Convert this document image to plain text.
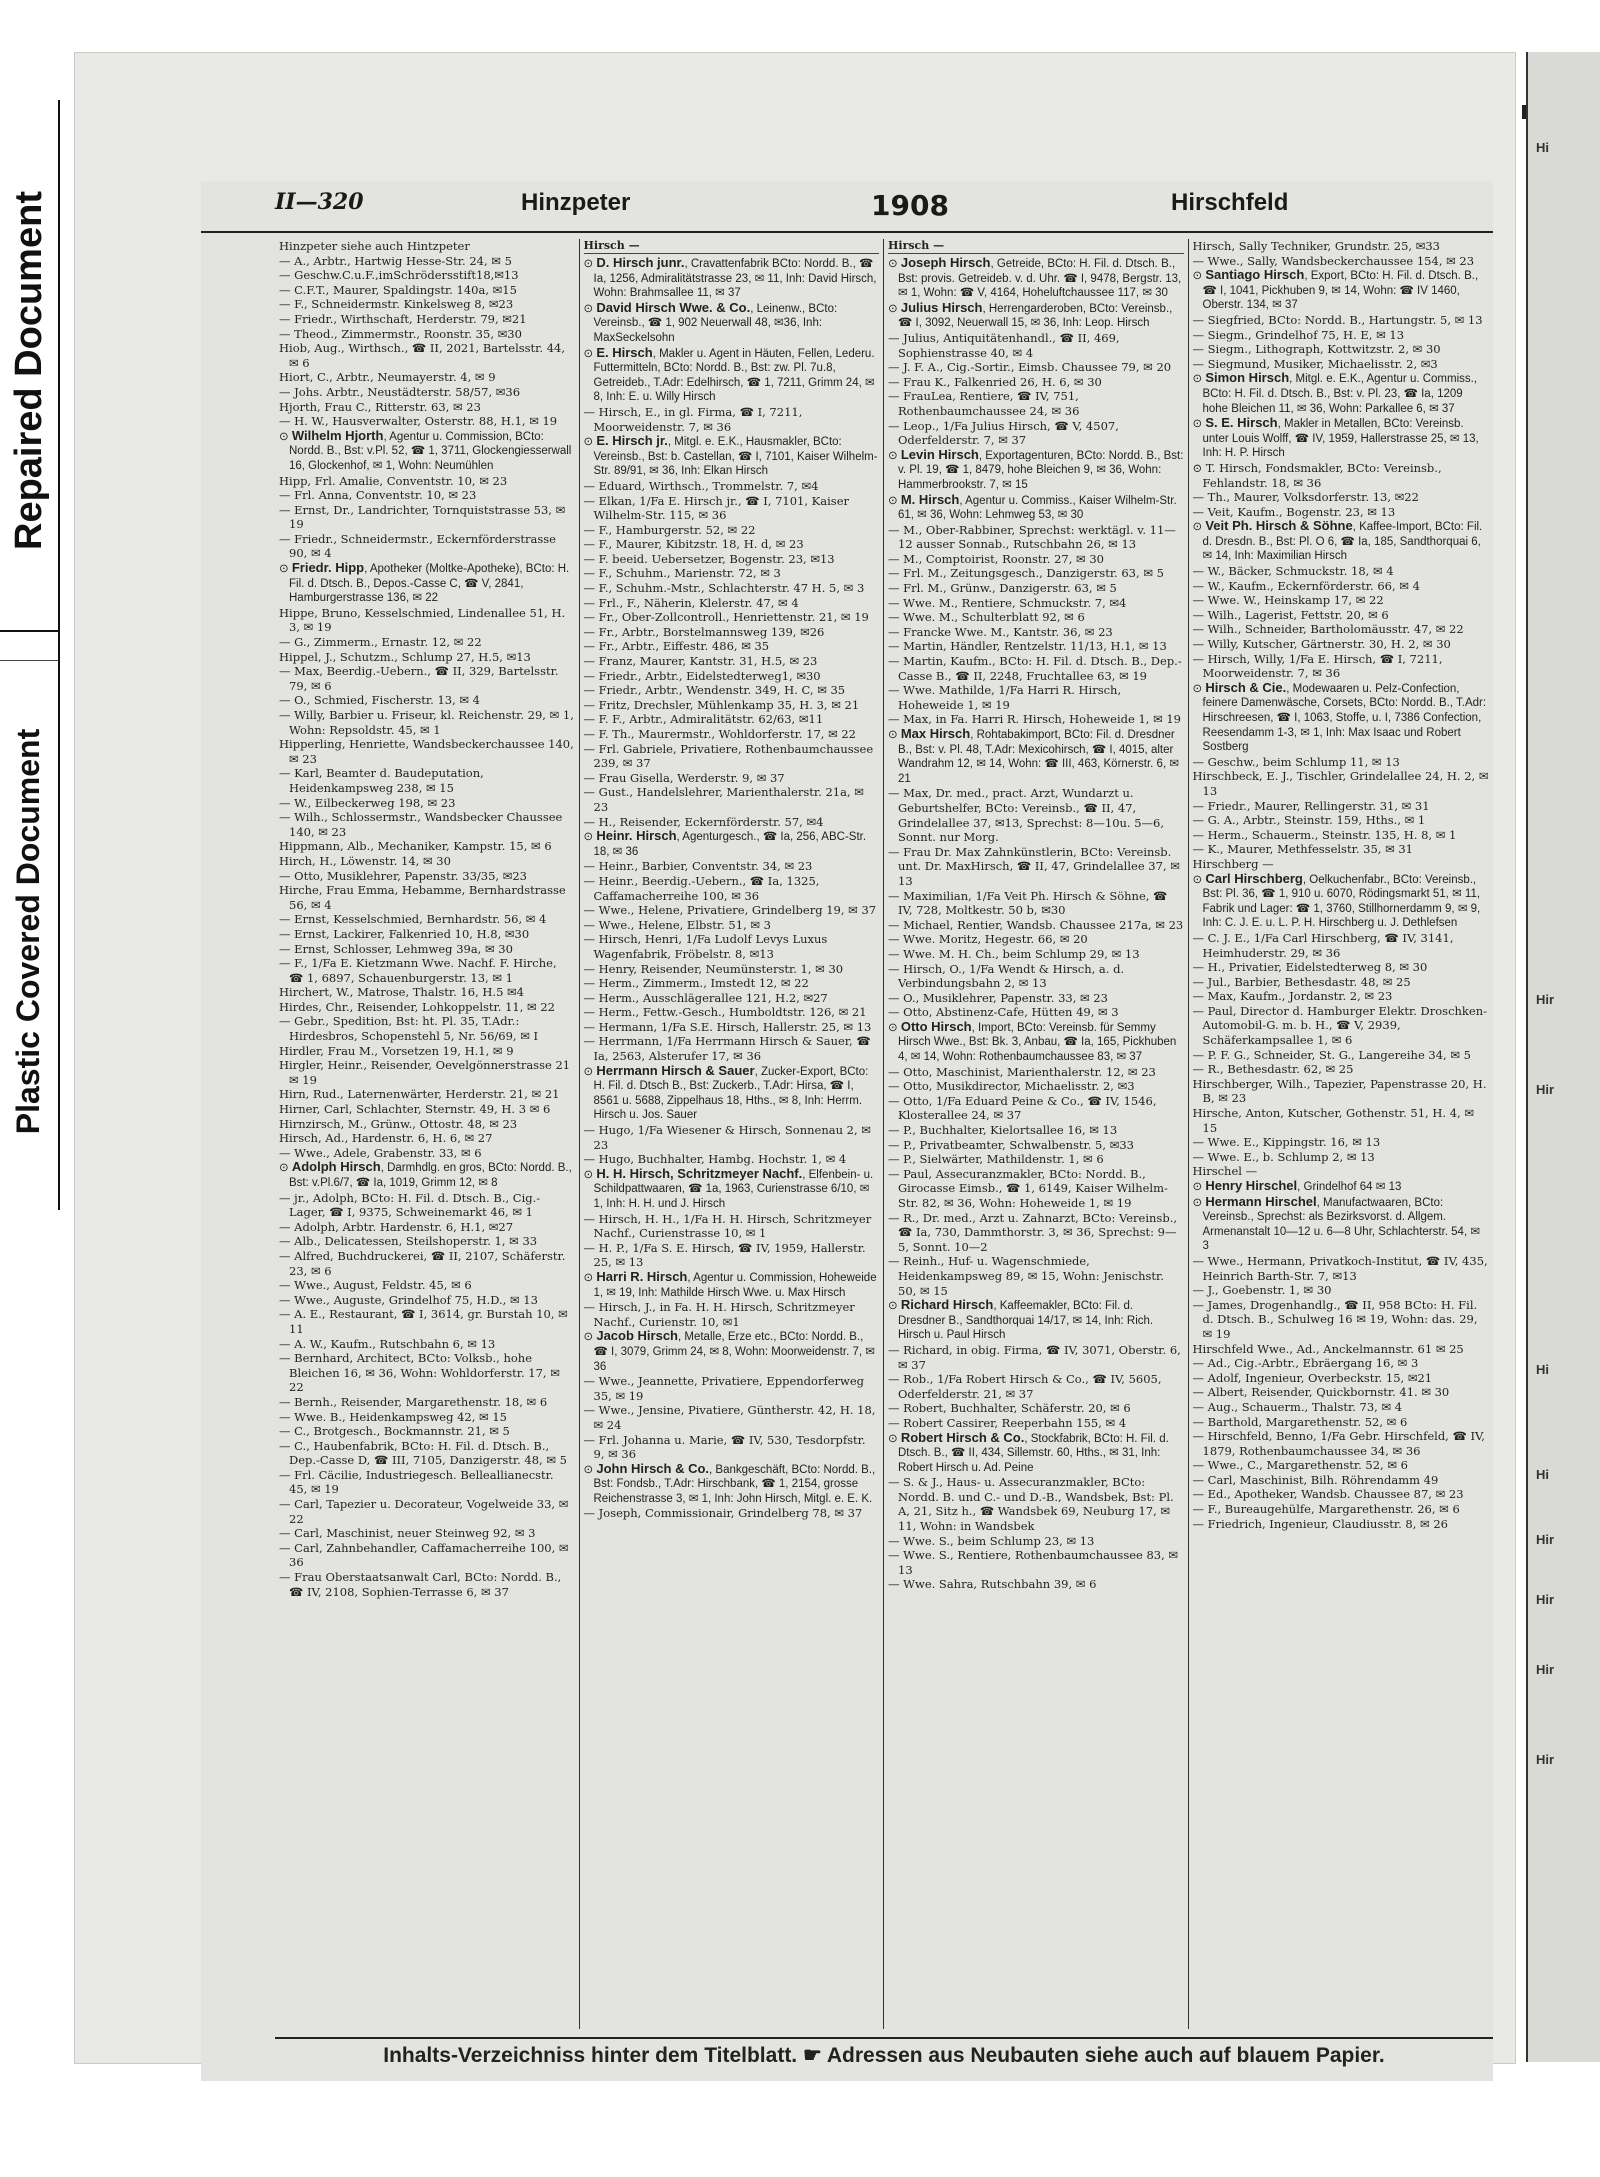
Repaired Document
Plastic Covered Document
II—320	Hinzpeter	1908	Hirschfeld

Hinzpeter siehe auch Hintzpeter

— A., Arbtr., Hartwig Hesse-Str. 24, ✉ 5

— Geschw.C.u.F.,imSchrödersstift18,✉13

— C.F.T., Maurer, Spaldingstr. 140a, ✉15

— F., Schneidermstr. Kinkelsweg 8, ✉23

— Friedr., Wirthschaft, Herderstr. 79, ✉21

— Theod., Zimmermstr., Roonstr. 35, ✉30

Hiob, Aug., Wirthsch., ☎ II, 2021, Bartelsstr. 44, ✉ 6

Hiort, C., Arbtr., Neumayerstr. 4, ✉ 9

— Johs. Arbtr., Neustädterstr. 58/57, ✉36

Hjorth, Frau C., Ritterstr. 63, ✉ 23

— H. W., Hausverwalter, Osterstr. 88, H.1, ✉ 19

⊙ Wilhelm Hjorth, Agentur u. Commission, BCto: Nordd. B., Bst: v.Pl. 52, ☎ 1, 3711, Glockengiesserwall 16, Glockenhof, ✉ 1, Wohn: Neumühlen

Hipp, Frl. Amalie, Conventstr. 10, ✉ 23

— Frl. Anna, Conventstr. 10, ✉ 23

— Ernst, Dr., Landrichter, Tornquiststrasse 53, ✉ 19

— Friedr., Schneidermstr., Eckernförderstrasse 90, ✉ 4

⊙ Friedr. Hipp, Apotheker (Moltke-Apotheke), BCto: H. Fil. d. Dtsch. B., Depos.-Casse C, ☎ V, 2841, Hamburgerstrasse 136, ✉ 22

Hippe, Bruno, Kesselschmied, Lindenallee 51, H. 3, ✉ 19

— G., Zimmerm., Ernastr. 12, ✉ 22

Hippel, J., Schutzm., Schlump 27, H.5, ✉13

— Max, Beerdig.-Uebern., ☎ II, 329, Bartelsstr. 79, ✉ 6

— O., Schmied, Fischerstr. 13, ✉ 4

— Willy, Barbier u. Friseur, kl. Reichenstr. 29, ✉ 1, Wohn: Repsoldstr. 45, ✉ 1

Hipperling, Henriette, Wandsbeckerchaussee 140, ✉ 23

— Karl, Beamter d. Baudeputation, Heidenkampsweg 238, ✉ 15

— W., Eilbeckerweg 198, ✉ 23

— Wilh., Schlossermstr., Wandsbecker Chaussee 140, ✉ 23

Hippmann, Alb., Mechaniker, Kampstr. 15, ✉ 6

Hirch, H., Löwenstr. 14, ✉ 30

— Otto, Musiklehrer, Papenstr. 33/35, ✉23

Hirche, Frau Emma, Hebamme, Bernhardstrasse 56, ✉ 4

— Ernst, Kesselschmied, Bernhardstr. 56, ✉ 4

— Ernst, Lackirer, Falkenried 10, H.8, ✉30

— Ernst, Schlosser, Lehmweg 39a, ✉ 30

— F., 1/Fa E. Kietzmann Wwe. Nachf. F. Hirche, ☎ 1, 6897, Schauenburgerstr. 13, ✉ 1

Hirchert, W., Matrose, Thalstr. 16, H.5 ✉4

Hirdes, Chr., Reisender, Lohkoppelstr. 11, ✉ 22

— Gebr., Spedition, Bst: ht. Pl. 35, T.Adr.: Hirdesbros, Schopenstehl 5, Nr. 56/69, ✉ I

Hirdler, Frau M., Vorsetzen 19, H.1, ✉ 9

Hirgler, Heinr., Reisender, Oevelgönnerstrasse 21 ✉ 19

Hirn, Rud., Laternenwärter, Herderstr. 21, ✉ 21

Hirner, Carl, Schlachter, Sternstr. 49, H. 3 ✉ 6

Hirnzirsch, M., Grünw., Ottostr. 48, ✉ 23

Hirsch, Ad., Hardenstr. 6, H. 6, ✉ 27

— Wwe., Adele, Grabenstr. 33, ✉ 6

⊙ Adolph Hirsch, Darmhdlg. en gros, BCto: Nordd. B., Bst: v.Pl.6/7, ☎ Ia, 1019, Grimm 12, ✉ 8

— jr., Adolph, BCto: H. Fil. d. Dtsch. B., Cig.-Lager, ☎ I, 9375, Schweinemarkt 46, ✉ 1

— Adolph, Arbtr. Hardenstr. 6, H.1, ✉27

— Alb., Delicatessen, Steilshoperstr. 1, ✉ 33

— Alfred, Buchdruckerei, ☎ II, 2107, Schäferstr. 23, ✉ 6

— Wwe., August, Feldstr. 45, ✉ 6

— Wwe., Auguste, Grindelhof 75, H.D., ✉ 13

— A. E., Restaurant, ☎ I, 3614, gr. Burstah 10, ✉ 11

— A. W., Kaufm., Rutschbahn 6, ✉ 13

— Bernhard, Architect, BCto: Volksb., hohe Bleichen 16, ✉ 36, Wohn: Wohldorferstr. 17, ✉ 22

— Bernh., Reisender, Margarethenstr. 18, ✉ 6

— Wwe. B., Heidenkampsweg 42, ✉ 15

— C., Brotgesch., Bockmannstr. 21, ✉ 5

— C., Haubenfabrik, BCto: H. Fil. d. Dtsch. B., Dep.-Casse D, ☎ III, 7105, Danzigerstr. 48, ✉ 5

— Frl. Cäcilie, Industriegesch. Belleallianecstr. 45, ✉ 19

— Carl, Tapezier u. Decorateur, Vogelweide 33, ✉ 22

— Carl, Maschinist, neuer Steinweg 92, ✉ 3

— Carl, Zahnbehandler, Caffamacherreihe 100, ✉ 36

— Frau Oberstaatsanwalt Carl, BCto: Nordd. B., ☎ IV, 2108, Sophien-Terrasse 6, ✉ 37

Hirsch —

⊙ D. Hirsch junr., Cravattenfabrik BCto: Nordd. B., ☎ Ia, 1256, Admiralitätstrasse 23, ✉ 11, Inh: David Hirsch, Wohn: Brahmsallee 11, ✉ 37

⊙ David Hirsch Wwe. & Co., Leinenw., BCto: Vereinsb., ☎ 1, 902 Neuerwall 48, ✉36, Inh: MaxSeckelsohn

⊙ E. Hirsch, Makler u. Agent in Häuten, Fellen, Lederu. Futtermitteln, BCto: Nordd. B., Bst: zw. Pl. 7u.8, Getreideb., T.Adr: Edelhirsch, ☎ 1, 7211, Grimm 24, ✉ 8, Inh: E. u. Willy Hirsch

— Hirsch, E., in gl. Firma, ☎ I, 7211, Moorweidenstr. 7, ✉ 36

⊙ E. Hirsch jr., Mitgl. e. E.K., Hausmakler, BCto: Vereinsb., Bst: b. Castellan, ☎ I, 7101, Kaiser Wilhelm-Str. 89/91, ✉ 36, Inh: Elkan Hirsch

— Eduard, Wirthsch., Trommelstr. 7, ✉4

— Elkan, 1/Fa E. Hirsch jr., ☎ I, 7101, Kaiser Wilhelm-Str. 115, ✉ 36

— F., Hamburgerstr. 52, ✉ 22

— F., Maurer, Kibitzstr. 18, H. d, ✉ 23

— F. beeid. Uebersetzer, Bogenstr. 23, ✉13

— F., Schuhm., Marienstr. 72, ✉ 3

— F., Schuhm.-Mstr., Schlachterstr. 47 H. 5, ✉ 3

— Frl., F., Näherin, Klelerstr. 47, ✉ 4

— Fr., Ober-Zollcontroll., Henriettenstr. 21, ✉ 19

— Fr., Arbtr., Borstelmannsweg 139, ✉26

— Fr., Arbtr., Eiffestr. 486, ✉ 35

— Franz, Maurer, Kantstr. 31, H.5, ✉ 23

— Friedr., Arbtr., Eidelstedterweg1, ✉30

— Friedr., Arbtr., Wendenstr. 349, H. C, ✉ 35

— Fritz, Drechsler, Mühlenkamp 35, H. 3, ✉ 21

— F. F., Arbtr., Admiralitätstr. 62/63, ✉11

— F. Th., Maurermstr., Wohldorferstr. 17, ✉ 22

— Frl. Gabriele, Privatiere, Rothenbaumchaussee 239, ✉ 37

— Frau Gisella, Werderstr. 9, ✉ 37

— Gust., Handelslehrer, Marienthalerstr. 21a, ✉ 23

— H., Reisender, Eckernförderstr. 57, ✉4

⊙ Heinr. Hirsch, Agenturgesch., ☎ Ia, 256, ABC-Str. 18, ✉ 36

— Heinr., Barbier, Conventstr. 34, ✉ 23

— Heinr., Beerdig.-Uebern., ☎ Ia, 1325, Caffamacherreihe 100, ✉ 36

— Wwe., Helene, Privatiere, Grindelberg 19, ✉ 37

— Wwe., Helene, Elbstr. 51, ✉ 3

— Hirsch, Henri, 1/Fa Ludolf Levys Luxus Wagenfabrik, Fröbelstr. 8, ✉13

— Henry, Reisender, Neumünsterstr. 1, ✉ 30

— Herm., Zimmerm., Imstedt 12, ✉ 22

— Herm., Ausschlägerallee 121, H.2, ✉27

— Herm., Fettw.-Gesch., Humboldtstr. 126, ✉ 21

— Hermann, 1/Fa S.E. Hirsch, Hallerstr. 25, ✉ 13

— Herrmann, 1/Fa Herrmann Hirsch & Sauer, ☎ Ia, 2563, Alsterufer 17, ✉ 36

⊙ Herrmann Hirsch & Sauer, Zucker-Export, BCto: H. Fil. d. Dtsch B., Bst: Zuckerb., T.Adr: Hirsa, ☎ I, 8561 u. 5688, Zippelhaus 18, Hths., ✉ 8, Inh: Herrm. Hirsch u. Jos. Sauer

— Hugo, 1/Fa Wiesener & Hirsch, Sonnenau 2, ✉ 23

— Hugo, Buchhalter, Hambg. Hochstr. 1, ✉ 4

⊙ H. H. Hirsch, Schritzmeyer Nachf., Elfenbein- u. Schildpattwaaren, ☎ 1a, 1963, Curienstrasse 6/10, ✉ 1, Inh: H. H. und J. Hirsch

— Hirsch, H. H., 1/Fa H. H. Hirsch, Schritzmeyer Nachf., Curienstrasse 10, ✉ 1

— H. P., 1/Fa S. E. Hirsch, ☎ IV, 1959, Hallerstr. 25, ✉ 13

⊙ Harri R. Hirsch, Agentur u. Commission, Hoheweide 1, ✉ 19, Inh: Mathilde Hirsch Wwe. u. Max Hirsch

— Hirsch, J., in Fa. H. H. Hirsch, Schritzmeyer Nachf., Curienstr. 10, ✉1

⊙ Jacob Hirsch, Metalle, Erze etc., BCto: Nordd. B., ☎ I, 3079, Grimm 24, ✉ 8, Wohn: Moorweidenstr. 7, ✉ 36

— Wwe., Jeannette, Privatiere, Eppendorferweg 35, ✉ 19

— Wwe., Jensine, Pivatiere, Güntherstr. 42, H. 18, ✉ 24

— Frl. Johanna u. Marie, ☎ IV, 530, Tesdorpfstr. 9, ✉ 36

⊙ John Hirsch & Co., Bankgeschäft, BCto: Nordd. B., Bst: Fondsb., T.Adr: Hirschbank, ☎ 1, 2154, grosse Reichenstrasse 3, ✉ 1, Inh: John Hirsch, Mitgl. e. E. K.

— Joseph, Commissionair, Grindelberg 78, ✉ 37

Hirsch —

⊙ Joseph Hirsch, Getreide, BCto: H. Fil. d. Dtsch. B., Bst: provis. Getreideb. v. d. Uhr. ☎ I, 9478, Bergstr. 13, ✉ 1, Wohn: ☎ V, 4164, Hoheluftchaussee 117, ✉ 30

⊙ Julius Hirsch, Herrengarderoben, BCto: Vereinsb., ☎ I, 3092, Neuerwall 15, ✉ 36, Inh: Leop. Hirsch

— Julius, Antiquitätenhandl., ☎ II, 469, Sophienstrasse 40, ✉ 4

— J. F. A., Cig.-Sortir., Eimsb. Chaussee 79, ✉ 20

— Frau K., Falkenried 26, H. 6, ✉ 30

— FrauLea, Rentiere, ☎ IV, 751, Rothenbaumchaussee 24, ✉ 36

— Leop., 1/Fa Julius Hirsch, ☎ V, 4507, Oderfelderstr. 7, ✉ 37

⊙ Levin Hirsch, Exportagenturen, BCto: Nordd. B., Bst: v. Pl. 19, ☎ 1, 8479, hohe Bleichen 9, ✉ 36, Wohn: Hammerbrookstr. 7, ✉ 15

⊙ M. Hirsch, Agentur u. Commiss., Kaiser Wilhelm-Str. 61, ✉ 36, Wohn: Lehmweg 53, ✉ 30

— M., Ober-Rabbiner, Sprechst: werktägl. v. 11—12 ausser Sonnab., Rutschbahn 26, ✉ 13

— M., Comptoirist, Roonstr. 27, ✉ 30

— Frl. M., Zeitungsgesch., Danzigerstr. 63, ✉ 5

— Frl. M., Grünw., Danzigerstr. 63, ✉ 5

— Wwe. M., Rentiere, Schmuckstr. 7, ✉4

— Wwe. M., Schulterblatt 92, ✉ 6

— Francke Wwe. M., Kantstr. 36, ✉ 23

— Martin, Händler, Rentzelstr. 11/13, H.1, ✉ 13

— Martin, Kaufm., BCto: H. Fil. d. Dtsch. B., Dep.-Casse B., ☎ II, 2248, Fruchtallee 63, ✉ 19

— Wwe. Mathilde, 1/Fa Harri R. Hirsch, Hoheweide 1, ✉ 19

— Max, in Fa. Harri R. Hirsch, Hoheweide 1, ✉ 19

⊙ Max Hirsch, Rohtabakimport, BCto: Fil. d. Dresdner B., Bst: v. Pl. 48, T.Adr: Mexicohirsch, ☎ I, 4015, alter Wandrahm 12, ✉ 14, Wohn: ☎ III, 463, Körnerstr. 6, ✉ 21

— Max, Dr. med., pract. Arzt, Wundarzt u. Geburtshelfer, BCto: Vereinsb., ☎ II, 47, Grindelallee 37, ✉13, Sprechst: 8—10u. 5—6, Sonnt. nur Morg.

— Frau Dr. Max Zahnkünstlerin, BCto: Vereinsb. unt. Dr. MaxHirsch, ☎ II, 47, Grindelallee 37, ✉ 13

— Maximilian, 1/Fa Veit Ph. Hirsch & Söhne, ☎ IV, 728, Moltkestr. 50 b, ✉30

— Michael, Rentier, Wandsb. Chaussee 217a, ✉ 23

— Wwe. Moritz, Hegestr. 66, ✉ 20

— Wwe. M. H. Ch., beim Schlump 29, ✉ 13

— Hirsch, O., 1/Fa Wendt & Hirsch, a. d. Verbindungsbahn 2, ✉ 13

— O., Musiklehrer, Papenstr. 33, ✉ 23

— Otto, Abstinenz-Cafe, Hütten 49, ✉ 3

⊙ Otto Hirsch, Import, BCto: Vereinsb. für Semmy Hirsch Wwe., Bst: Bk. 3, Anbau, ☎ Ia, 165, Pickhuben 4, ✉ 14, Wohn: Rothenbaumchaussee 83, ✉ 37

— Otto, Maschinist, Marienthalerstr. 12, ✉ 23

— Otto, Musikdirector, Michaelisstr. 2, ✉3

— Otto, 1/Fa Eduard Peine & Co., ☎ IV, 1546, Klosterallee 24, ✉ 37

— P., Buchhalter, Kielortsallee 16, ✉ 13

— P., Privatbeamter, Schwalbenstr. 5, ✉33

— P., Sielwärter, Mathildenstr. 1, ✉ 6

— Paul, Assecuranzmakler, BCto: Nordd. B., Girocasse Eimsb., ☎ 1, 6149, Kaiser Wilhelm-Str. 82, ✉ 36, Wohn: Hoheweide 1, ✉ 19

— R., Dr. med., Arzt u. Zahnarzt, BCto: Vereinsb., ☎ Ia, 730, Dammthorstr. 3, ✉ 36, Sprechst: 9—5, Sonnt. 10—2

— Reinh., Huf- u. Wagenschmiede, Heidenkampsweg 89, ✉ 15, Wohn: Jenischstr. 50, ✉ 15

⊙ Richard Hirsch, Kaffeemakler, BCto: Fil. d. Dresdner B., Sandthorquai 14/17, ✉ 14, Inh: Rich. Hirsch u. Paul Hirsch

— Richard, in obig. Firma, ☎ IV, 3071, Oberstr. 6, ✉ 37

— Rob., 1/Fa Robert Hirsch & Co., ☎ IV, 5605, Oderfelderstr. 21, ✉ 37

— Robert, Buchhalter, Schäferstr. 20, ✉ 6

— Robert Cassirer, Reeperbahn 155, ✉ 4

⊙ Robert Hirsch & Co., Stockfabrik, BCto: H. Fil. d. Dtsch. B., ☎ II, 434, Sillemstr. 60, Hths., ✉ 31, Inh: Robert Hirsch u. Ad. Peine

— S. & J., Haus- u. Assecuranzmakler, BCto: Nordd. B. und C.- und D.-B., Wandsbek, Bst: Pl. A, 21, Sitz h., ☎ Wandsbek 69, Neuburg 17, ✉ 11, Wohn: in Wandsbek

— Wwe. S., beim Schlump 23, ✉ 13

— Wwe. S., Rentiere, Rothenbaumchaussee 83, ✉ 13

— Wwe. Sahra, Rutschbahn 39, ✉ 6

Hirsch, Sally Techniker, Grundstr. 25, ✉33

— Wwe., Sally, Wandsbeckerchaussee 154, ✉ 23

⊙ Santiago Hirsch, Export, BCto: H. Fil. d. Dtsch. B., ☎ I, 1041, Pickhuben 9, ✉ 14, Wohn: ☎ IV 1460, Oberstr. 134, ✉ 37

— Siegfried, BCto: Nordd. B., Hartungstr. 5, ✉ 13

— Siegm., Grindelhof 75, H. E, ✉ 13

— Siegm., Lithograph, Kottwitzstr. 2, ✉ 30

— Siegmund, Musiker, Michaelisstr. 2, ✉3

⊙ Simon Hirsch, Mitgl. e. E.K., Agentur u. Commiss., BCto: H. Fil. d. Dtsch. B., Bst: v. Pl. 23, ☎ Ia, 1209 hohe Bleichen 11, ✉ 36, Wohn: Parkallee 6, ✉ 37

⊙ S. E. Hirsch, Makler in Metallen, BCto: Vereinsb. unter Louis Wolff, ☎ IV, 1959, Hallerstrasse 25, ✉ 13, Inh: H. P. Hirsch

⊙ T. Hirsch, Fondsmakler, BCto: Vereinsb., Fehlandstr. 18, ✉ 36

— Th., Maurer, Volksdorferstr. 13, ✉22

— Veit, Kaufm., Bogenstr. 23, ✉ 13

⊙ Veit Ph. Hirsch & Söhne, Kaffee-Import, BCto: Fil. d. Dresdn. B., Bst: Pl. O 6, ☎ Ia, 185, Sandthorquai 6, ✉ 14, Inh: Maximilian Hirsch

— W., Bäcker, Schmuckstr. 18, ✉ 4

— W., Kaufm., Eckernförderstr. 66, ✉ 4

— Wwe. W., Heinskamp 17, ✉ 22

— Wilh., Lagerist, Fettstr. 20, ✉ 6

— Wilh., Schneider, Bartholomäusstr. 47, ✉ 22

— Willy, Kutscher, Gärtnerstr. 30, H. 2, ✉ 30

— Hirsch, Willy, 1/Fa E. Hirsch, ☎ I, 7211, Moorweidenstr. 7, ✉ 36

⊙ Hirsch & Cie., Modewaaren u. Pelz-Confection, feinere Damenwäsche, Corsets, BCto: Nordd. B., T.Adr: Hirschreesen, ☎ I, 1063, Stoffe, u. I, 7386 Confection, Reesendamm 1-3, ✉ 1, Inh: Max Isaac und Robert Sostberg

— Geschw., beim Schlump 11, ✉ 13

Hirschbeck, E. J., Tischler, Grindelallee 24, H. 2, ✉ 13

— Friedr., Maurer, Rellingerstr. 31, ✉ 31

— G. A., Arbtr., Steinstr. 159, Hths., ✉ 1

— Herm., Schauerm., Steinstr. 135, H. 8, ✉ 1

— K., Maurer, Methfesselstr. 35, ✉ 31

Hirschberg —

⊙ Carl Hirschberg, Oelkuchenfabr., BCto: Vereinsb., Bst: Pl. 36, ☎ 1, 910 u. 6070, Rödingsmarkt 51, ✉ 11, Fabrik und Lager: ☎ 1, 3760, Stillhornerdamm 9, ✉ 9, Inh: C. J. E. u. L. P. H. Hirschberg u. J. Dethlefsen

— C. J. E., 1/Fa Carl Hirschberg, ☎ IV, 3141, Heimhuderstr. 29, ✉ 36

— H., Privatier, Eidelstedterweg 8, ✉ 30

— Jul., Barbier, Bethesdastr. 48, ✉ 25

— Max, Kaufm., Jordanstr. 2, ✉ 23

— Paul, Director d. Hamburger Elektr. Droschken-Automobil-G. m. b. H., ☎ V, 2939, Schäferkampsallee 1, ✉ 6

— P. F. G., Schneider, St. G., Langereihe 34, ✉ 5

— R., Bethesdastr. 62, ✉ 25

Hirschberger, Wilh., Tapezier, Papenstrasse 20, H. B, ✉ 23

Hirsche, Anton, Kutscher, Gothenstr. 51, H. 4, ✉ 15

— Wwe. E., Kippingstr. 16, ✉ 13

— Wwe. E., b. Schlump 2, ✉ 13

Hirschel —

⊙ Henry Hirschel, Grindelhof 64 ✉ 13

⊙ Hermann Hirschel, Manufactwaaren, BCto: Vereinsb., Sprechst: als Bezirksvorst. d. Allgem. Armenanstalt 10—12 u. 6—8 Uhr, Schlachterstr. 54, ✉ 3

— Wwe., Hermann, Privatkoch-Institut, ☎ IV, 435, Heinrich Barth-Str. 7, ✉13

— J., Goebenstr. 1, ✉ 30

— James, Drogenhandlg., ☎ II, 958 BCto: H. Fil. d. Dtsch. B., Schulweg 16 ✉ 19, Wohn: das. 29, ✉ 19

Hirschfeld Wwe., Ad., Anckelmannstr. 61 ✉ 25

— Ad., Cig.-Arbtr., Ebräergang 16, ✉ 3

— Adolf, Ingenieur, Overbeckstr. 15, ✉21

— Albert, Reisender, Quickbornstr. 41. ✉ 30

— Aug., Schauerm., Thalstr. 73, ✉ 4

— Barthold, Margarethenstr. 52, ✉ 6

— Hirschfeld, Benno, 1/Fa Gebr. Hirschfeld, ☎ IV, 1879, Rothenbaumchaussee 34, ✉ 36

— Wwe., C., Margarethenstr. 52, ✉ 6

— Carl, Maschinist, Bilh. Röhrendamm 49

— Ed., Apotheker, Wandsb. Chaussee 87, ✉ 23

— F., Bureaugehülfe, Margarethenstr. 26, ✉ 6

— Friedrich, Ingenieur, Claudiusstr. 8, ✉ 26

Inhalts-Verzeichniss hinter dem Titelblatt. ☛ Adressen aus Neubauten siehe auch auf blauem Papier.
Hi
Hir
Hir
Hi
Hi
Hir
Hir
Hir
Hir
